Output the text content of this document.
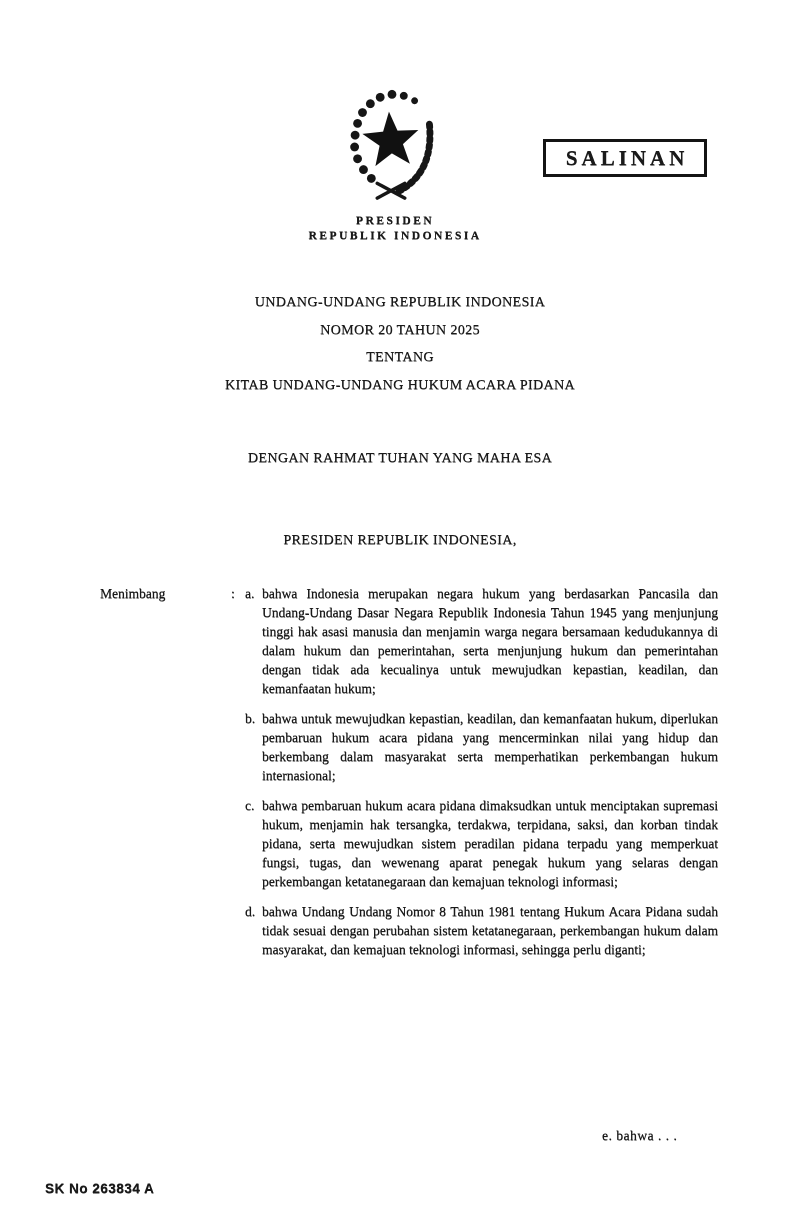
SALINAN
PRESIDEN
REPUBLIK INDONESIA
UNDANG-UNDANG REPUBLIK INDONESIA
NOMOR 20 TAHUN 2025
TENTANG
KITAB UNDANG-UNDANG HUKUM ACARA PIDANA
DENGAN RAHMAT TUHAN YANG MAHA ESA
PRESIDEN REPUBLIK INDONESIA,
Menimbang	: a. bahwa Indonesia merupakan negara hukum yang berdasarkan Pancasila dan Undang-Undang Dasar Negara Republik Indonesia Tahun 1945 yang menjunjung tinggi hak asasi manusia dan menjamin warga negara bersamaan kedudukannya di dalam hukum dan pemerintahan, serta menjunjung hukum dan pemerintahan dengan tidak ada kecualinya untuk mewujudkan kepastian, keadilan, dan kemanfaatan hukum;
b. bahwa untuk mewujudkan kepastian, keadilan, dan kemanfaatan hukum, diperlukan pembaruan hukum acara pidana yang mencerminkan nilai yang hidup dan berkembang dalam masyarakat serta memperhatikan perkembangan hukum internasional;
c. bahwa pembaruan hukum acara pidana dimaksudkan untuk menciptakan supremasi hukum, menjamin hak tersangka, terdakwa, terpidana, saksi, dan korban tindak pidana, serta mewujudkan sistem peradilan pidana terpadu yang memperkuat fungsi, tugas, dan wewenang aparat penegak hukum yang selaras dengan perkembangan ketatanegaraan dan kemajuan teknologi informasi;
d. bahwa Undang Undang Nomor 8 Tahun 1981 tentang Hukum Acara Pidana sudah tidak sesuai dengan perubahan sistem ketatanegaraan, perkembangan hukum dalam masyarakat, dan kemajuan teknologi informasi, sehingga perlu diganti;
e. bahwa . . .
SK No 263834 A
